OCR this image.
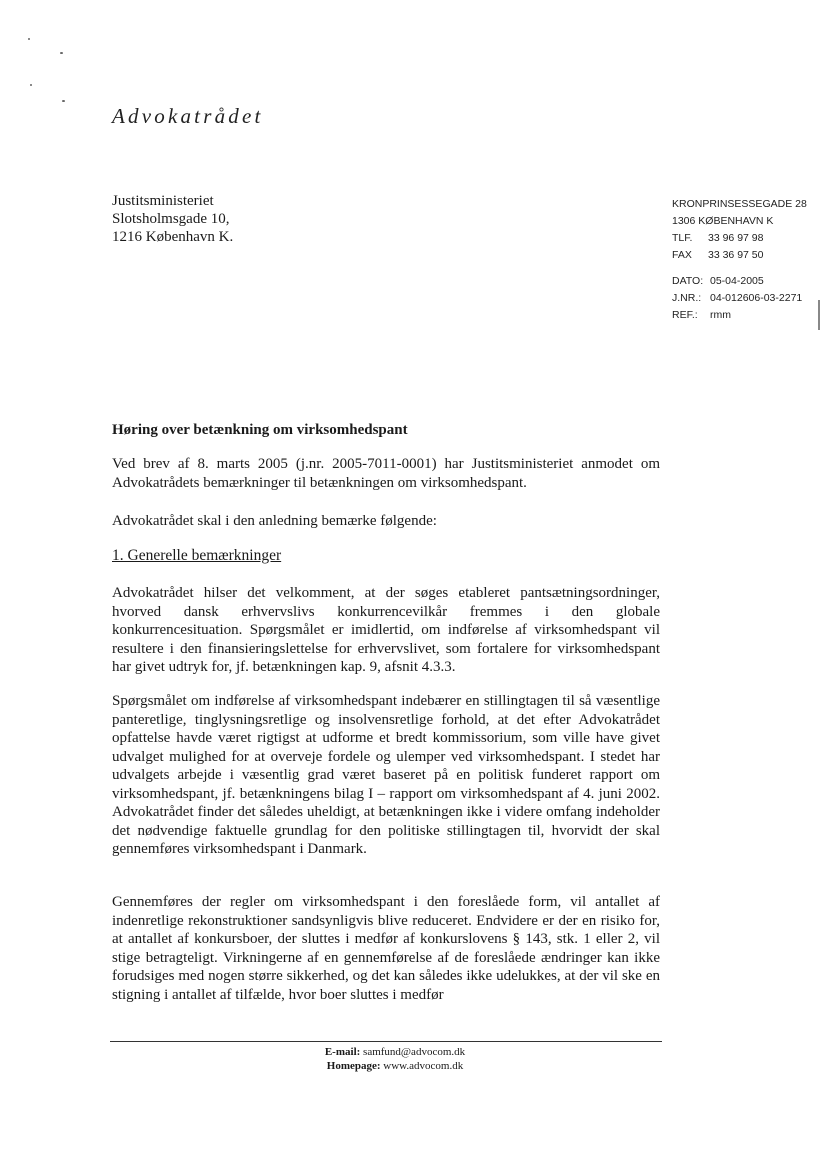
Advokatrådet
Justitsministeriet
Slotsholmsgade 10,
1216 København K.
KRONPRINSESSEGADE 28
1306 KØBENHAVN K
TLF. 33 96 97 98
FAX 33 36 97 50
DATO: 05-04-2005
J.NR.: 04-012606-03-2271
REF.: rmm
Høring over betænkning om virksomhedspant
Ved brev af 8. marts 2005 (j.nr. 2005-7011-0001) har Justitsministeriet anmodet om Advokatrådets bemærkninger til betænkningen om virksomhedspant.
Advokatrådet skal i den anledning bemærke følgende:
1. Generelle bemærkninger
Advokatrådet hilser det velkomment, at der søges etableret pantsætningsordninger, hvorved dansk erhvervslivs konkurrencevilkår fremmes i den globale konkurrencesituation. Spørgsmålet er imidlertid, om indførelse af virksomhedspant vil resultere i den finansieringslettelse for erhvervslivet, som fortalere for virksomhedspant har givet udtryk for, jf. betænkningen kap. 9, afsnit 4.3.3.
Spørgsmålet om indførelse af virksomhedspant indebærer en stillingtagen til så væsentlige panteretlige, tinglysningsretlige og insolvensretlige forhold, at det efter Advokatrådet opfattelse havde været rigtigst at udforme et bredt kommissorium, som ville have givet udvalget mulighed for at overveje fordele og ulemper ved virksomhedspant. I stedet har udvalgets arbejde i væsentlig grad været baseret på en politisk funderet rapport om virksomhedspant, jf. betænkningens bilag I – rapport om virksomhedspant af 4. juni 2002. Advokatrådet finder det således uheldigt, at betænkningen ikke i videre omfang indeholder det nødvendige faktuelle grundlag for den politiske stillingtagen til, hvorvidt der skal gennemføres virksomhedspant i Danmark.
Gennemføres der regler om virksomhedspant i den foreslåede form, vil antallet af indenretlige rekonstruktioner sandsynligvis blive reduceret. Endvidere er der en risiko for, at antallet af konkursboer, der sluttes i medfør af konkurslovens § 143, stk. 1 eller 2, vil stige betragteligt. Virkningerne af en gennemførelse af de foreslåede ændringer kan ikke forudsiges med nogen større sikkerhed, og det kan således ikke udelukkes, at der vil ske en stigning i antallet af tilfælde, hvor boer sluttes i medfør
E-mail: samfund@advocom.dk
Homepage: www.advocom.dk
